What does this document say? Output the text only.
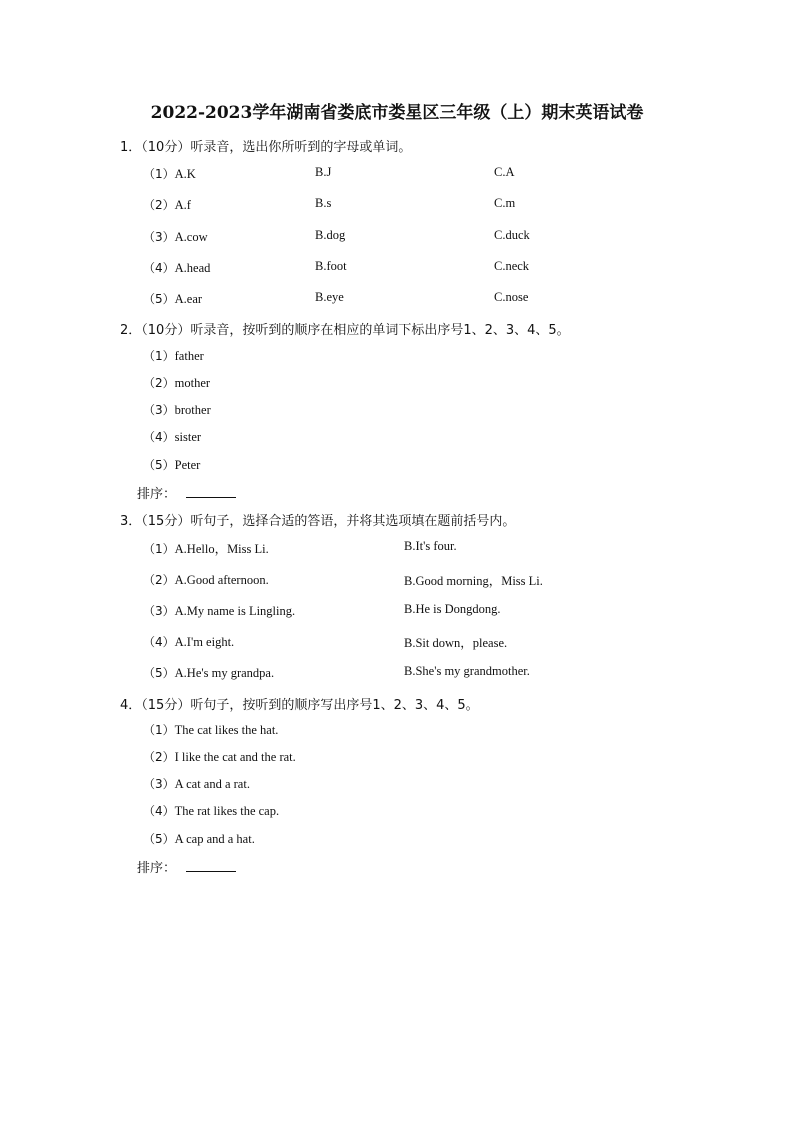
2022-2023学年湖南省娄底市娄星区三年级（上）期末英语试卷
1．（10分）听录音，选出你所听到的字母或单词。
（1）A.K	B.J	C.A
（2）A.f	B.s	C.m
（3）A.cow	B.dog	C.duck
（4）A.head	B.foot	C.neck
（5）A.ear	B.eye	C.nose
2．（10分）听录音，按听到的顺序在相应的单词下标出序号1、2、3、4、5。
（1）father
（2）mother
（3）brother
（4）sister
（5）Peter
排序：
3．（15分）听句子，选择合适的答语，并将其选项填在题前括号内。
（1）A.Hello，Miss Li.	B.It's four.
（2）A.Good afternoon.	B.Good morning，Miss Li.
（3）A.My name is Lingling.	B.He is Dongdong.
（4）A.I'm eight.	B.Sit down，please.
（5）A.He's my grandpa.	B.She's my grandmother.
4．（15分）听句子，按听到的顺序写出序号1、2、3、4、5。
（1）The cat likes the hat.
（2）I like the cat and the rat.
（3）A cat and a rat.
（4）The rat likes the cap.
（5）A cap and a hat.
排序：
